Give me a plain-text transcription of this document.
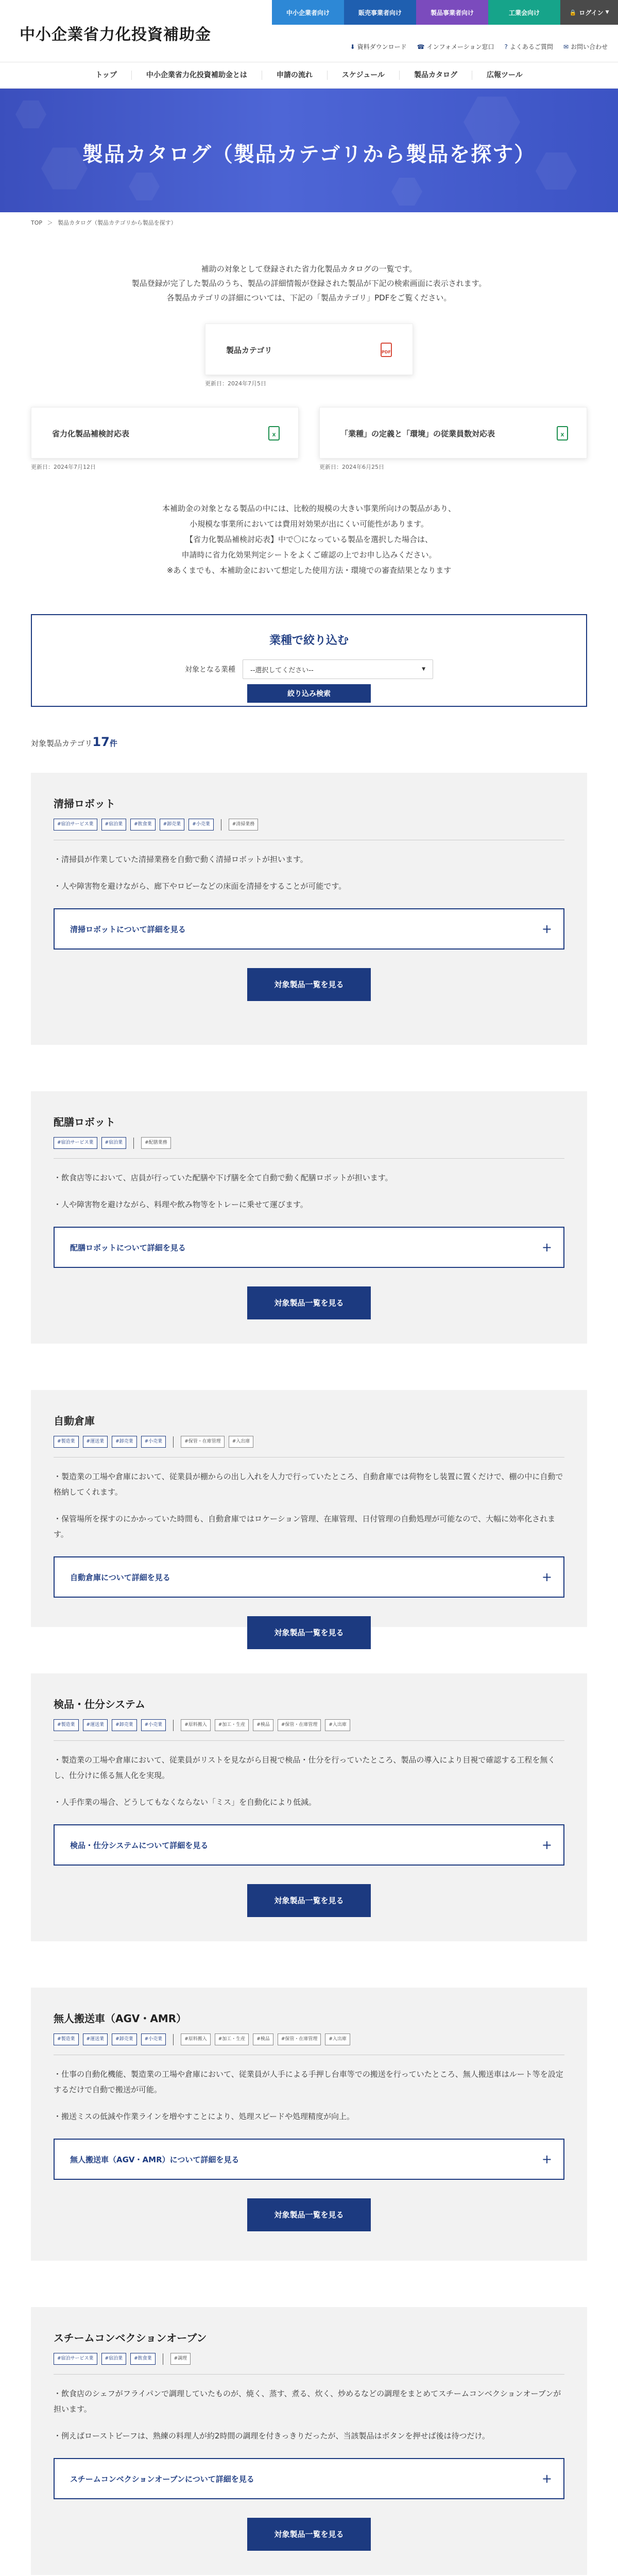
中小企業省力化投資補助金
中小企業者向け	販売事業者向け	製品事業者向け	工業会向け	🔒 ログイン ▼
⬇ 資料ダウンロード ☎ インフォメーション窓口 ? よくあるご質問 ✉ お問い合わせ
トップ	中小企業省力化投資補助金とは	申請の流れ	スケジュール	製品カタログ	広報ツール
製品カタログ（製品カテゴリから製品を探す）
TOP ＞ 製品カタログ（製品カテゴリから製品を探す）
補助の対象として登録された省力化製品カタログの一覧です。
製品登録が完了した製品のうち、製品の詳細情報が登録された製品が下記の検索画面に表示されます。
各製品カテゴリの詳細については、下記の「製品カテゴリ」PDFをご覧ください。
製品カテゴリ	PDF
更新日：2024年7月5日
省力化製品補検討応表	X
更新日：2024年7月12日
「業種」の定義と「環境」の従業員数対応表	X
更新日：2024年6月25日
本補助金の対象となる製品の中には、比較的規模の大きい事業所向けの製品があり、
小規模な事業所においては費用対効果が出にくい可能性があります。
【省力化製品補検討応表】中で〇になっている製品を選択した場合は、
申請時に省力化効果判定シートをよくご確認の上でお申し込みください。
※あくまでも、本補助金において想定した使用方法・環境での審査結果となります
業種で絞り込む
対象となる業種 --選択してください--	▼
絞り込み検索
対象製品カテゴリ17件
清掃ロボット
#宿泊サービス業	#宿泊業	#飲食業	#卸売業	#小売業	#清掃業務
・清掃員が作業していた清掃業務を自動で動く清掃ロボットが担います。
・人や障害物を避けながら、廊下やロビーなどの床面を清掃をすることが可能です。
清掃ロボットについて詳細を見る	+
対象製品一覧を見る
配膳ロボット
#宿泊サービス業	#宿泊業	#配膳業務
・飲食店等において、店員が行っていた配膳や下げ膳を全て自動で動く配膳ロボットが担います。
・人や障害物を避けながら、料理や飲み物等をトレーに乗せて運びます。
配膳ロボットについて詳細を見る	+
対象製品一覧を見る
自動倉庫
#製造業	#運送業	#卸売業	#小売業	#保管・在庫管理	#入出庫
・製造業の工場や倉庫において、従業員が棚からの出し入れを人力で行っていたところ、自動倉庫では荷物をし装置に置くだけで、棚の中に自動で格納してくれます。
・保管場所を探すのにかかっていた時間も、自動倉庫ではロケーション管理、在庫管理、日付管理の自動処理が可能なので、大幅に効率化されます。
自動倉庫について詳細を見る	+
対象製品一覧を見る
検品・仕分システム
#製造業	#運送業	#卸売業	#小売業	#原料搬入	#加工・生産	#検品	#保管・在庫管理	#入出庫
・製造業の工場や倉庫において、従業員がリストを見ながら目視で検品・仕分を行っていたところ、製品の導入により目視で確認する工程を無くし、仕分けに係る無人化を実現。
・人手作業の場合、どうしてもなくならない「ミス」を自動化により低減。
検品・仕分システムについて詳細を見る	+
対象製品一覧を見る
無人搬送車（AGV・AMR）
#製造業	#運送業	#卸売業	#小売業	#原料搬入	#加工・生産	#検品	#保管・在庫管理	#入出庫
・仕事の自動化機能、製造業の工場や倉庫において、従業員が人手による手押し台車等での搬送を行っていたところ、無人搬送車はルート等を設定するだけで自動で搬送が可能。
・搬送ミスの低減や作業ラインを増やすことにより、処理スピードや処理精度が向上。
無人搬送車（AGV・AMR）について詳細を見る	+
対象製品一覧を見る
スチームコンベクションオーブン
#宿泊サービス業	#宿泊業	#飲食業	#調理
・飲食店のシェフがフライパンで調理していたものが、焼く、蒸す、煮る、炊く、炒めるなどの調理をまとめてスチームコンベクションオーブンが担います。
・例えばローストビーフは、熟練の料理人が約2時間の調理を付きっきりだったが、当該製品はボタンを押せば後は待つだけ。
スチームコンベクションオーブンについて詳細を見る	+
対象製品一覧を見る
